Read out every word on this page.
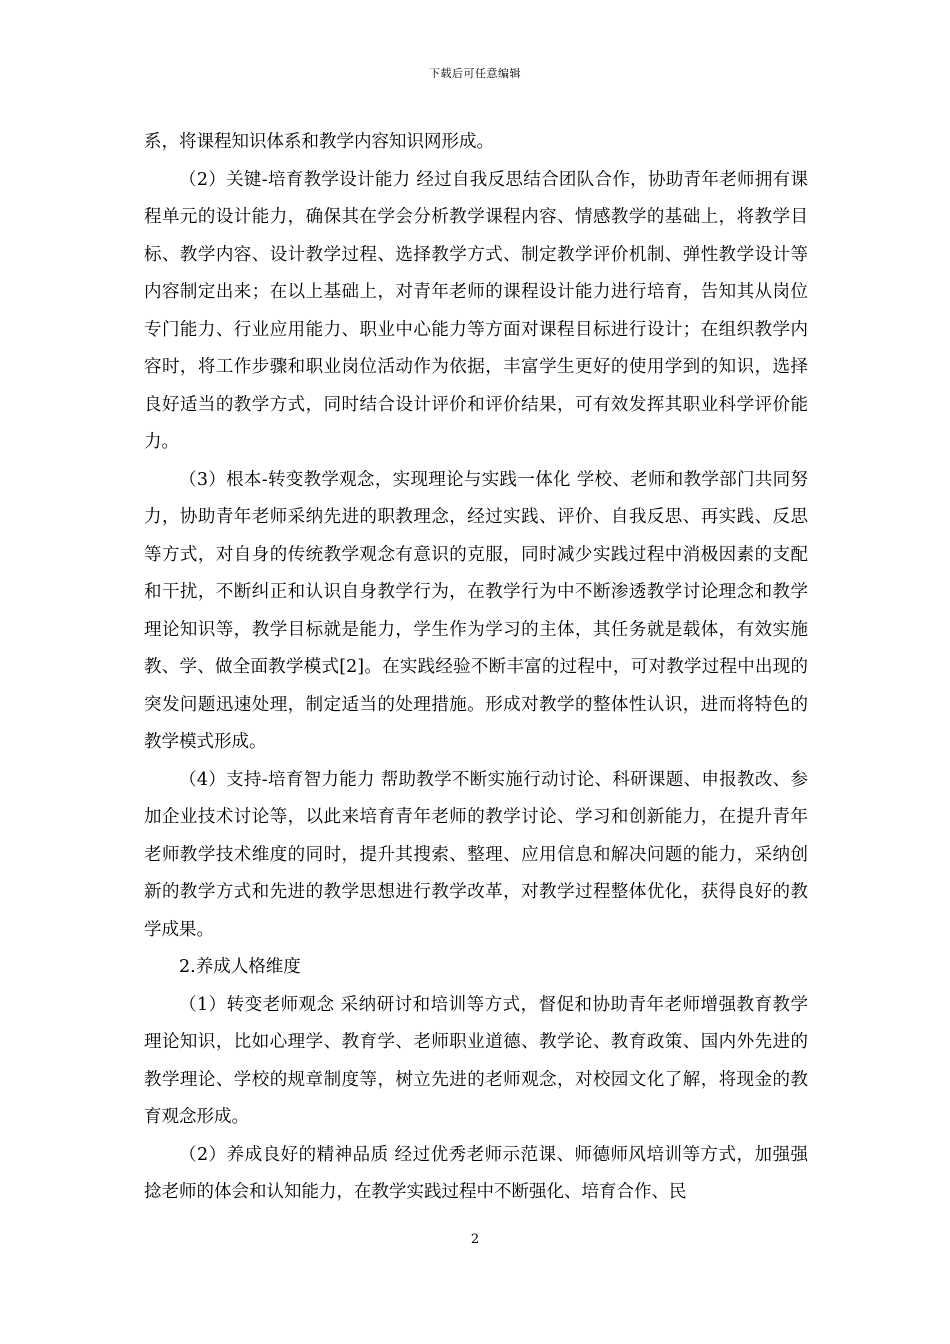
下载后可任意编辑

系，将课程知识体系和教学内容知识网形成。

（2）关键-培育教学设计能力 经过自我反思结合团队合作，协助青年老师拥有课程单元的设计能力，确保其在学会分析教学课程内容、情感教学的基础上，将教学目标、教学内容、设计教学过程、选择教学方式、制定教学评价机制、弹性教学设计等内容制定出来；在以上基础上，对青年老师的课程设计能力进行培育，告知其从岗位专门能力、行业应用能力、职业中心能力等方面对课程目标进行设计；在组织教学内容时，将工作步骤和职业岗位活动作为依据，丰富学生更好的使用学到的知识，选择良好适当的教学方式，同时结合设计评价和评价结果，可有效发挥其职业科学评价能力。

（3）根本-转变教学观念，实现理论与实践一体化 学校、老师和教学部门共同努力，协助青年老师采纳先进的职教理念，经过实践、评价、自我反思、再实践、反思等方式，对自身的传统教学观念有意识的克服，同时减少实践过程中消极因素的支配和干扰，不断纠正和认识自身教学行为，在教学行为中不断渗透教学讨论理念和教学理论知识等，教学目标就是能力，学生作为学习的主体，其任务就是载体，有效实施教、学、做全面教学模式[2]。在实践经验不断丰富的过程中，可对教学过程中出现的突发问题迅速处理，制定适当的处理措施。形成对教学的整体性认识，进而将特色的教学模式形成。

（4）支持-培育智力能力 帮助教学不断实施行动讨论、科研课题、申报教改、参加企业技术讨论等，以此来培育青年老师的教学讨论、学习和创新能力，在提升青年老师教学技术维度的同时，提升其搜索、整理、应用信息和解决问题的能力，采纳创新的教学方式和先进的教学思想进行教学改革，对教学过程整体优化，获得良好的教学成果。

2.养成人格维度

（1）转变老师观念 采纳研讨和培训等方式，督促和协助青年老师增强教育教学理论知识，比如心理学、教育学、老师职业道德、教学论、教育政策、国内外先进的教学理论、学校的规章制度等，树立先进的老师观念，对校园文化了解，将现金的教育观念形成。

（2）养成良好的精神品质 经过优秀老师示范课、师德师风培训等方式，加强强捻老师的体会和认知能力，在教学实践过程中不断强化、培育合作、民

2
